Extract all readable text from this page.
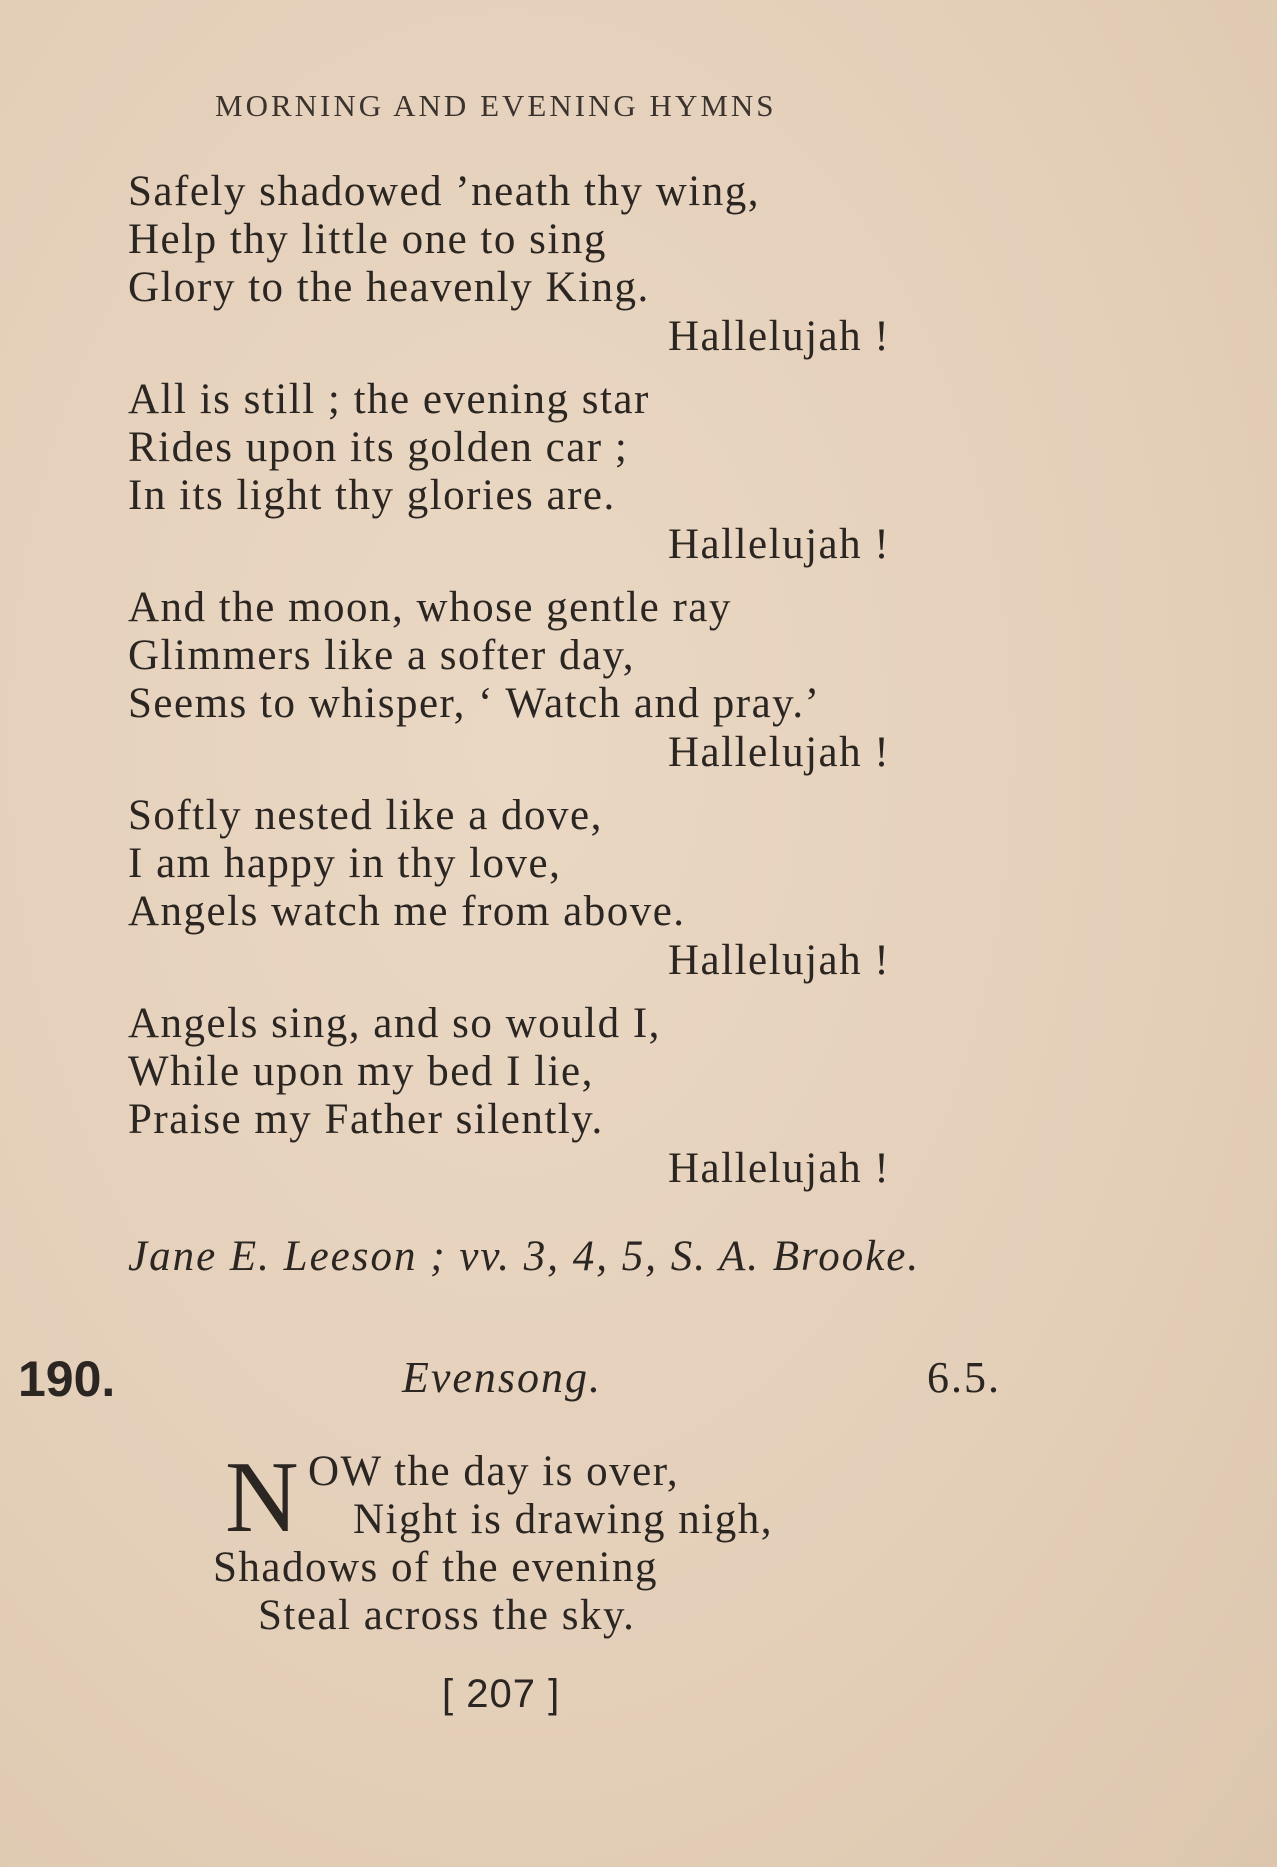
MORNING AND EVENING HYMNS
Safely shadowed ’neath thy wing,
Help thy little one to sing
Glory to the heavenly King.
Hallelujah !
All is still ; the evening star
Rides upon its golden car ;
In its light thy glories are.
Hallelujah !
And the moon, whose gentle ray
Glimmers like a softer day,
Seems to whisper, ‘ Watch and pray.’
Hallelujah !
Softly nested like a dove,
I am happy in thy love,
Angels watch me from above.
Hallelujah !
Angels sing, and so would I,
While upon my bed I lie,
Praise my Father silently.
Hallelujah !
Jane E. Leeson ; vv. 3, 4, 5, S. A. Brooke.
190.	Evensong.	6.5.
N OW the day is over,
Night is drawing nigh,
Shadows of the evening
Steal across the sky.
[ 207 ]
